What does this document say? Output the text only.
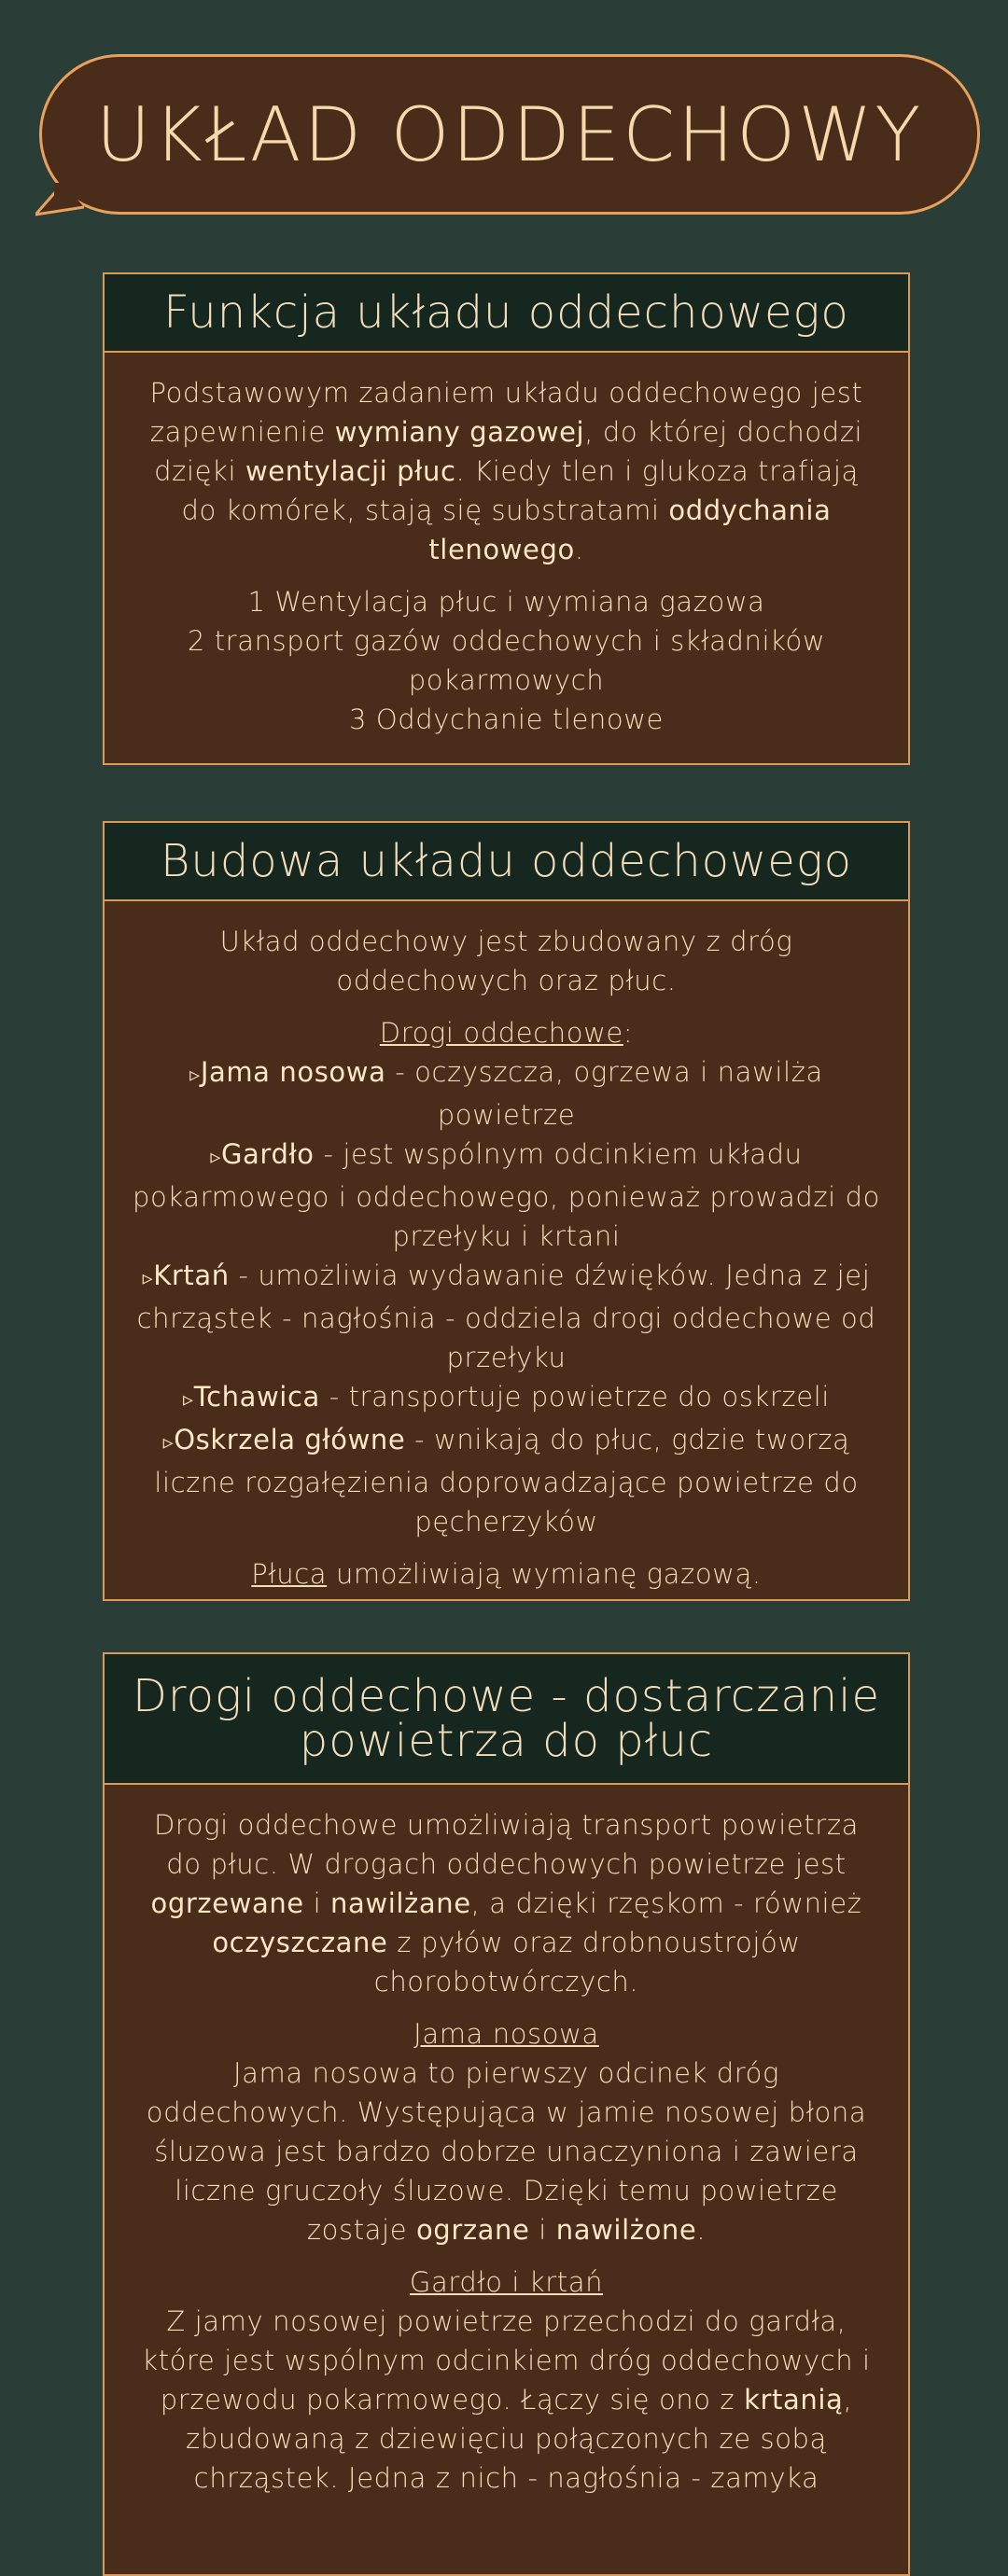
UKŁAD ODDECHOWY
Funkcja układu oddechowego

Podstawowym zadaniem układu oddechowego jest zapewnienie wymiany gazowej, do której dochodzi dzięki wentylacji płuc. Kiedy tlen i glukoza trafiają do komórek, stają się substratami oddychania tlenowego.

1 Wentylacja płuc i wymiana gazowa
2 transport gazów oddechowych i składników pokarmowych
3 Oddychanie tlenowe

Budowa układu oddechowego

Układ oddechowy jest zbudowany z dróg oddechowych oraz płuc.

Drogi oddechowe:
▹Jama nosowa - oczyszcza, ogrzewa i nawilża powietrze
▹Gardło - jest wspólnym odcinkiem układu pokarmowego i oddechowego, ponieważ prowadzi do przełyku i krtani
▹Krtań - umożliwia wydawanie dźwięków. Jedna z jej chrząstek - nagłośnia - oddziela drogi oddechowe od przełyku
▹Tchawica - transportuje powietrze do oskrzeli
▹Oskrzela główne - wnikają do płuc, gdzie tworzą liczne rozgałęzienia doprowadzające powietrze do pęcherzyków

Płuca umożliwiają wymianę gazową.

Drogi oddechowe - dostarczanie powietrza do płuc

Drogi oddechowe umożliwiają transport powietrza do płuc. W drogach oddechowych powietrze jest ogrzewane i nawilżane, a dzięki rzęskom - również oczyszczane z pyłów oraz drobnoustrojów chorobotwórczych.

Jama nosowa
Jama nosowa to pierwszy odcinek dróg oddechowych. Występująca w jamie nosowej błona śluzowa jest bardzo dobrze unaczyniona i zawiera liczne gruczoły śluzowe. Dzięki temu powietrze zostaje ogrzane i nawilżone.

Gardło i krtań
Z jamy nosowej powietrze przechodzi do gardła, które jest wspólnym odcinkiem dróg oddechowych i przewodu pokarmowego. Łączy się ono z krtanią, zbudowaną z dziewięciu połączonych ze sobą chrząstek. Jedna z nich - nagłośnia - zamyka
